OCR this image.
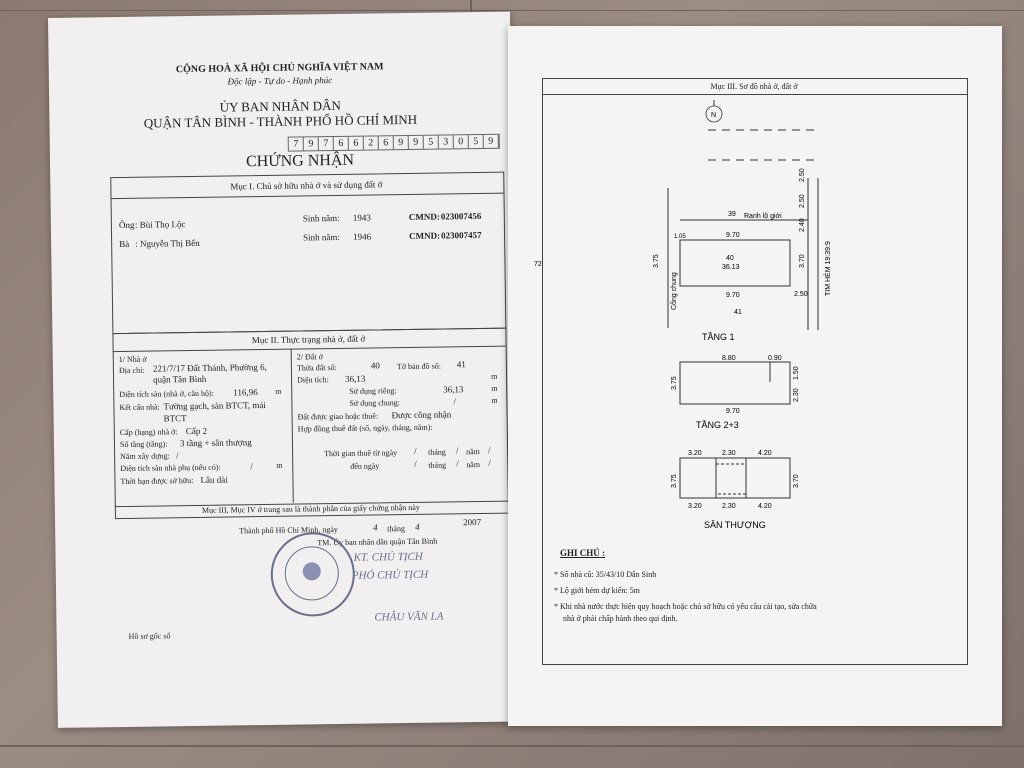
CỘNG HOÀ XÃ HỘI CHỦ NGHĨA VIỆT NAM
Độc lập - Tự do - Hạnh phúc
ỦY BAN NHÂN DÂN
QUẬN TÂN BÌNH - THÀNH PHỐ HỒ CHÍ MINH
7 9 7 6 6 2 6 9 9 5 3 0 5 9
CHỨNG NHẬN
Mục I. Chủ sở hữu nhà ở và sử dụng đất ở
Ông : Bùi Thọ Lộc
Sinh năm: 1943	CMND: 023007456
Bà : Nguyễn Thị Bến
Sinh năm: 1946	CMND: 023007457
Mục II. Thực trạng nhà ở, đất ở
1/ Nhà ở
Địa chỉ: 221/7/17 Đất Thánh, Phường 6,
quận Tân Bình
Diện tích sàn (nhà ở, căn hộ): 116,96 m
Kết cấu nhà: Tường gạch, sàn BTCT, mái
BTCT
Cấp (hạng) nhà ở: Cấp 2
Số tầng (tầng): 3 tầng + sân thượng
Năm xây dựng: /
Diện tích sàn nhà phụ (nếu có):	/	m
Thời hạn được sở hữu: Lâu dài
2/ Đất ở
Thửa đất số:	40 Tờ bản đồ số: 41
Diện tích: 36,13	m
Sử dụng riêng:	36,13	m
Sử dụng chung:	/	m
Đất được giao hoặc thuê: Được công nhận
Hợp đồng thuê đất (số, ngày, tháng, năm):
Thời gian thuê từ ngày / tháng / năm /
đến ngày	/ tháng / năm /
Mục III, Mục IV ở trang sau là thành phần của giấy chứng nhận này
Thành phố Hồ Chí Minh, ngày	4 tháng 4	2007
TM. Ủy ban nhân dân quận Tân Bình
KT. CHỦ TỊCH
PHÓ CHỦ TỊCH
CHÂU VĂN LA
Hồ sơ gốc số
Mục III. Sơ đồ nhà ở, đất ở
N
39 Ranh lộ giới
9.70
9.70
40
36.13
1.05
3.75	3.70
2.50
2.50
2.40
2.50
Cổng chung	TIM HẺM 19:39:9
41
72
TẦNG 1
8.80	0.90
9.70
3.75
1.50
2.30
TẦNG 2+3
3.20	2.30	4.20
3.20	2.30	4.20
3.75	3.70
SÂN THƯỢNG
GHI CHÚ :
* Số nhà cũ: 35/43/10 Dân Sinh
* Lộ giới hẻm dự kiến: 5m
* Khi nhà nước thực hiện quy hoạch hoặc chủ sở hữu có yêu cầu cải tạo, sửa chữa
nhà ở phải chấp hành theo qui định.
